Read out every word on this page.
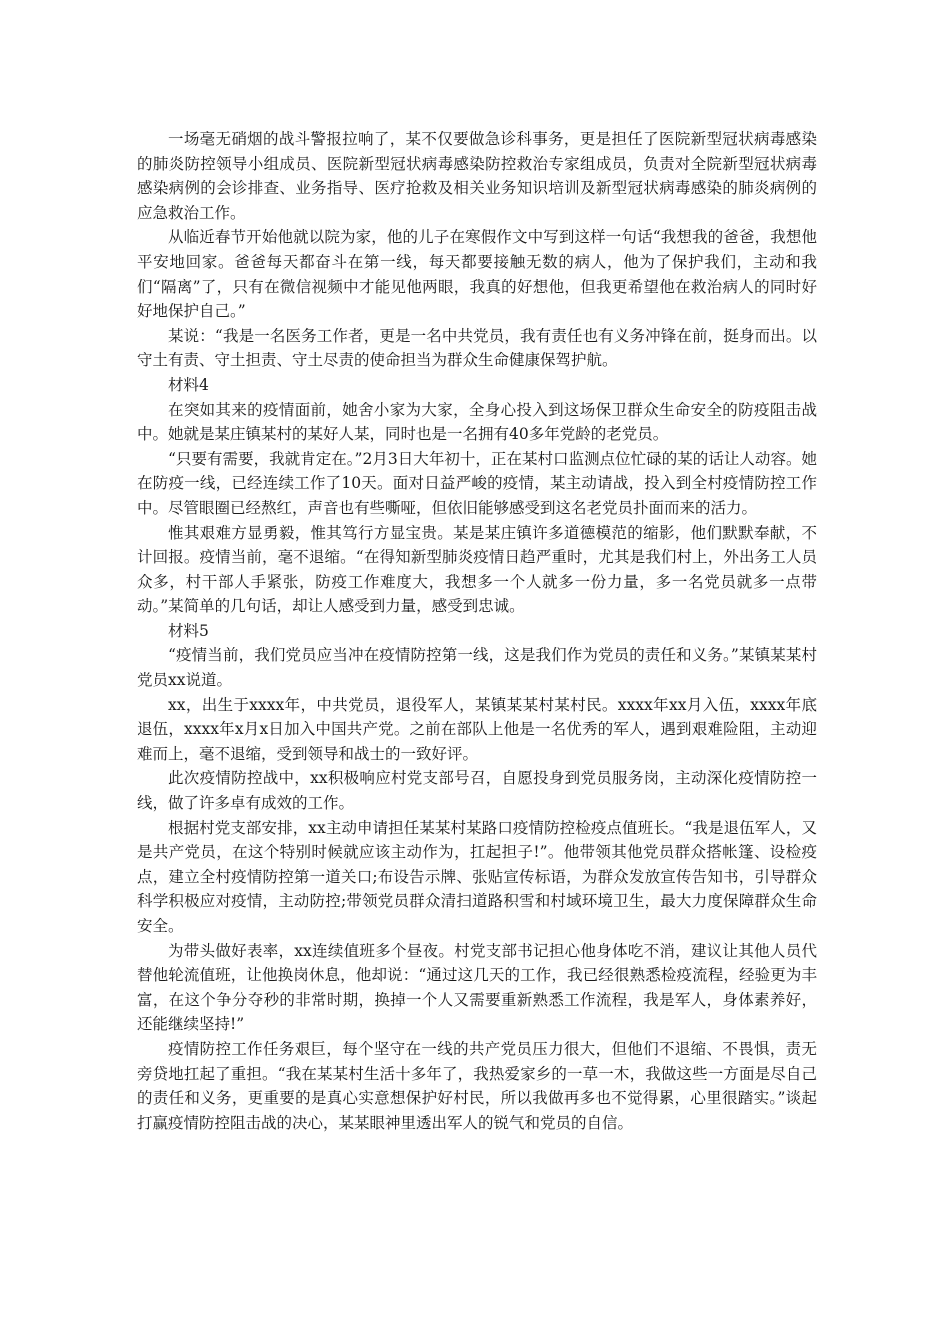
一场毫无硝烟的战斗警报拉响了，某不仅要做急诊科事务，更是担任了医院新型冠状病毒感染的肺炎防控领导小组成员、医院新型冠状病毒感染防控救治专家组成员，负责对全院新型冠状病毒感染病例的会诊排查、业务指导、医疗抢救及相关业务知识培训及新型冠状病毒感染的肺炎病例的应急救治工作。

从临近春节开始他就以院为家，他的儿子在寒假作文中写到这样一句话“我想我的爸爸，我想他平安地回家。爸爸每天都奋斗在第一线，每天都要接触无数的病人，他为了保护我们，主动和我们“隔离”了，只有在微信视频中才能见他两眼，我真的好想他，但我更希望他在救治病人的同时好好地保护自己。”

某说：“我是一名医务工作者，更是一名中共党员，我有责任也有义务冲锋在前，挺身而出。以守土有责、守土担责、守土尽责的使命担当为群众生命健康保驾护航。

材料4

在突如其来的疫情面前，她舍小家为大家，全身心投入到这场保卫群众生命安全的防疫阻击战中。她就是某庄镇某村的某好人某，同时也是一名拥有40多年党龄的老党员。

“只要有需要，我就肯定在。”2月3日大年初十，正在某村口监测点位忙碌的某的话让人动容。她在防疫一线，已经连续工作了10天。面对日益严峻的疫情，某主动请战，投入到全村疫情防控工作中。尽管眼圈已经熬红，声音也有些嘶哑，但依旧能够感受到这名老党员扑面而来的活力。

惟其艰难方显勇毅，惟其笃行方显宝贵。某是某庄镇许多道德模范的缩影，他们默默奉献，不计回报。疫情当前，毫不退缩。“在得知新型肺炎疫情日趋严重时，尤其是我们村上，外出务工人员众多，村干部人手紧张，防疫工作难度大，我想多一个人就多一份力量，多一名党员就多一点带动。”某简单的几句话，却让人感受到力量，感受到忠诚。

材料5

“疫情当前，我们党员应当冲在疫情防控第一线，这是我们作为党员的责任和义务。”某镇某某村党员xx说道。

xx，出生于xxxx年，中共党员，退役军人，某镇某某村某村民。xxxx年xx月入伍，xxxx年底退伍，xxxx年x月x日加入中国共产党。之前在部队上他是一名优秀的军人，遇到艰难险阻，主动迎难而上，毫不退缩，受到领导和战士的一致好评。

此次疫情防控战中，xx积极响应村党支部号召，自愿投身到党员服务岗，主动深化疫情防控一线，做了许多卓有成效的工作。

根据村党支部安排，xx主动申请担任某某村某路口疫情防控检疫点值班长。“我是退伍军人，又是共产党员，在这个特别时候就应该主动作为，扛起担子!”。他带领其他党员群众搭帐篷、设检疫点，建立全村疫情防控第一道关口;布设告示牌、张贴宣传标语，为群众发放宣传告知书，引导群众科学积极应对疫情，主动防控;带领党员群众清扫道路积雪和村域环境卫生，最大力度保障群众生命安全。

为带头做好表率，xx连续值班多个昼夜。村党支部书记担心他身体吃不消，建议让其他人员代替他轮流值班，让他换岗休息，他却说：“通过这几天的工作，我已经很熟悉检疫流程，经验更为丰富，在这个争分夺秒的非常时期，换掉一个人又需要重新熟悉工作流程，我是军人，身体素养好，还能继续坚持!”

疫情防控工作任务艰巨，每个坚守在一线的共产党员压力很大，但他们不退缩、不畏惧，责无旁贷地扛起了重担。“我在某某村生活十多年了，我热爱家乡的一草一木，我做这些一方面是尽自己的责任和义务，更重要的是真心实意想保护好村民，所以我做再多也不觉得累，心里很踏实。”谈起打赢疫情防控阻击战的决心，某某眼神里透出军人的锐气和党员的自信。
